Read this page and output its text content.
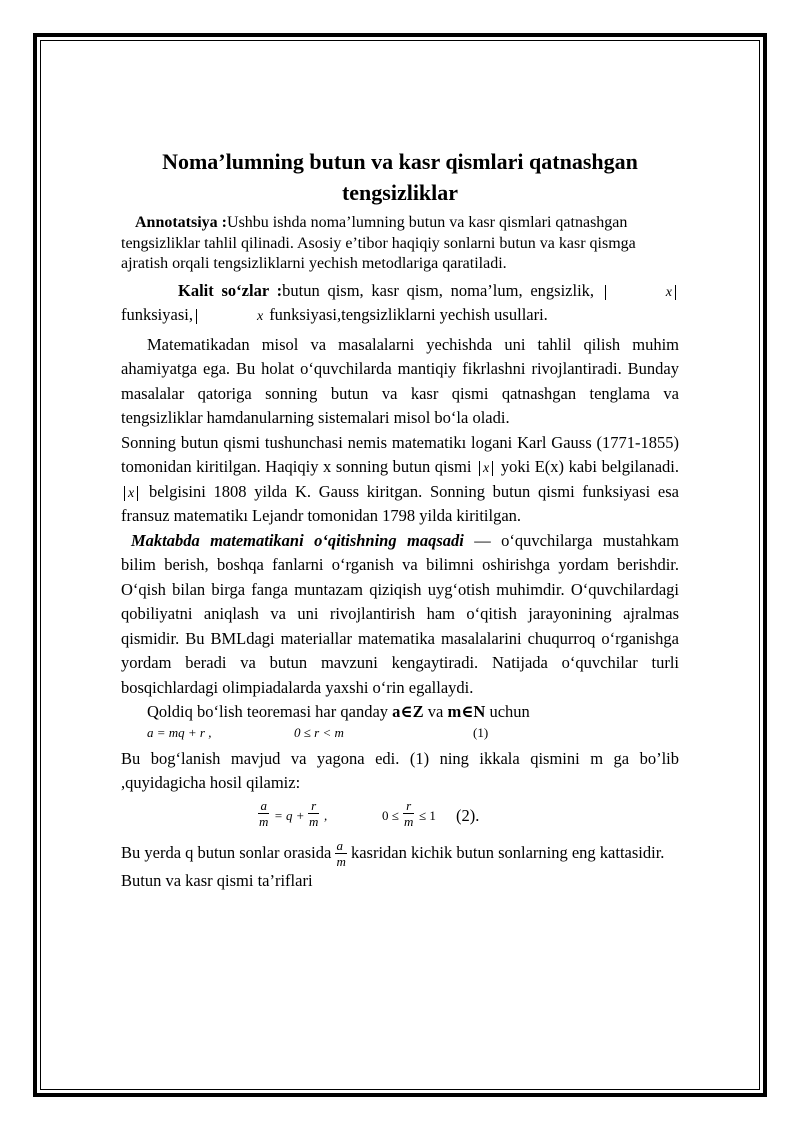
Noma’lumning butun va kasr qismlari qatnashgan
tengsizliklar

Annotatsiya :Ushbu ishda noma’lumning butun va kasr qismlari qatnashgan tengsizliklar tahlil qilinadi. Asosiy e’tibor haqiqiy sonlarni butun va kasr qismga ajratish orqali tengsizliklarni yechish metodlariga qaratiladi.

Kalit so‘zlar :butun qism, kasr qism, noma’lum, engsizlik,	x funksiyasi,	x funksiyasi,tengsizliklarni yechish usullari.

Matematikadan misol va masalalarni yechishda uni tahlil qilish muhim ahamiyatga ega. Bu holat o‘quvchilarda mantiqiy fikrlashni rivojlantiradi. Bunday masalalar qatoriga sonning butun va kasr qismi qatnashgan tenglama va tengsizliklar hamdanularning sistemalari misol bo‘la oladi.

Sonning butun qismi tushunchasi nemis matematikı logani Karl Gauss (1771-1855) tomonidan kiritilgan. Haqiqiy x sonning butun qismi x yoki E(x) kabi belgilanadi. x belgisini 1808 yilda K. Gauss kiritgan. Sonning butun qismi funksiyasi esa fransuz matematikı Lejandr tomonidan 1798 yilda kiritilgan.

Maktabda matematikani o‘qitishning maqsadi — o‘quvchilarga mustahkam bilim berish, boshqa fanlarni o‘rganish va bilimni oshirishga yordam berishdir. O‘qish bilan birga fanga muntazam qiziqish uyg‘otish muhimdir. O‘quvchilardagi qobiliyatni aniqlash va uni rivojlantirish ham o‘qitish jarayonining ajralmas qismidir. Bu BMLdagi materiallar matematika masalalarini chuqurroq o‘rganishga yordam beradi va butun mavzuni kengaytiradi. Natijada o‘quvchilar turli bosqichlardagi olimpiadalarda yaxshi o‘rin egallaydi.

Qoldiq bo‘lish teoremasi har qanday a∈Z va m∈N uchun

a = mq + r ,	0 ≤ r < m	(1)

Bu bog‘lanish mavjud va yagona edi. (1) ning ikkala qismini m ga bo’lib ,quyidagicha hosil qilamiz:

$\frac{a}{m} = q + \frac{r}{m}$ ,	$0 \le \frac{r}{m} \le 1$ (2).

Bu yerda q butun sonlar orasida $\frac{a}{m}$ kasridan kichik butun sonlarning eng kattasidir.

Butun va kasr qismi ta’riflari
